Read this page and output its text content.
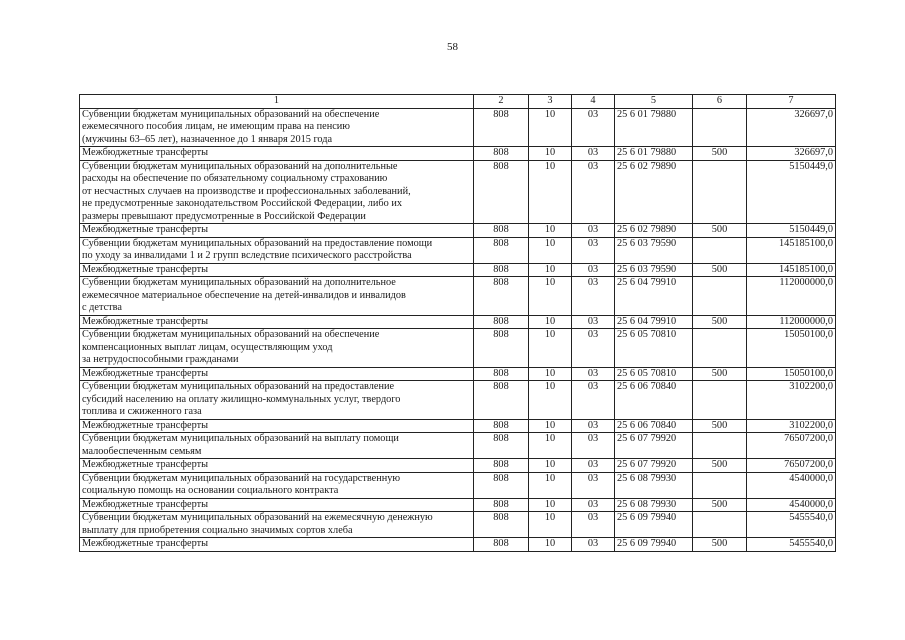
58
1	2	3	4	5	6	7
Субвенции бюджетам муниципальных образований на обеспечение
ежемесячного пособия лицам, не имеющим права на пенсию
(мужчины 63–65 лет), назначенное до 1 января 2015 года	808	10	03	25 6 01 79880		326697,0
Межбюджетные трансферты	808	10	03	25 6 01 79880	500	326697,0
Субвенции бюджетам муниципальных образований на дополнительные
расходы на обеспечение по обязательному социальному страхованию
от несчастных случаев на производстве и профессиональных заболеваний,
не предусмотренные законодательством Российской Федерации, либо их
размеры превышают предусмотренные в Российской Федерации	808	10	03	25 6 02 79890		5150449,0
Межбюджетные трансферты	808	10	03	25 6 02 79890	500	5150449,0
Субвенции бюджетам муниципальных образований на предоставление помощи
по уходу за инвалидами 1 и 2 групп вследствие психического расстройства	808	10	03	25 6 03 79590		145185100,0
Межбюджетные трансферты	808	10	03	25 6 03 79590	500	145185100,0
Субвенции бюджетам муниципальных образований на дополнительное
ежемесячное материальное обеспечение на детей-инвалидов и инвалидов
с детства	808	10	03	25 6 04 79910		112000000,0
Межбюджетные трансферты	808	10	03	25 6 04 79910	500	112000000,0
Субвенции бюджетам муниципальных образований на обеспечение
компенсационных выплат лицам, осуществляющим уход
за нетрудоспособными гражданами	808	10	03	25 6 05 70810		15050100,0
Межбюджетные трансферты	808	10	03	25 6 05 70810	500	15050100,0
Субвенции бюджетам муниципальных образований на предоставление
субсидий населению на оплату жилищно-коммунальных услуг, твердого
топлива и сжиженного газа	808	10	03	25 6 06 70840		3102200,0
Межбюджетные трансферты	808	10	03	25 6 06 70840	500	3102200,0
Субвенции бюджетам муниципальных образований на выплату помощи
малообеспеченным семьям	808	10	03	25 6 07 79920		76507200,0
Межбюджетные трансферты	808	10	03	25 6 07 79920	500	76507200,0
Субвенции бюджетам муниципальных образований на государственную
социальную помощь на основании социального контракта	808	10	03	25 6 08 79930		4540000,0
Межбюджетные трансферты	808	10	03	25 6 08 79930	500	4540000,0
Субвенции бюджетам муниципальных образований на ежемесячную денежную
выплату для приобретения социально значимых сортов хлеба	808	10	03	25 6 09 79940		5455540,0
Межбюджетные трансферты	808	10	03	25 6 09 79940	500	5455540,0
